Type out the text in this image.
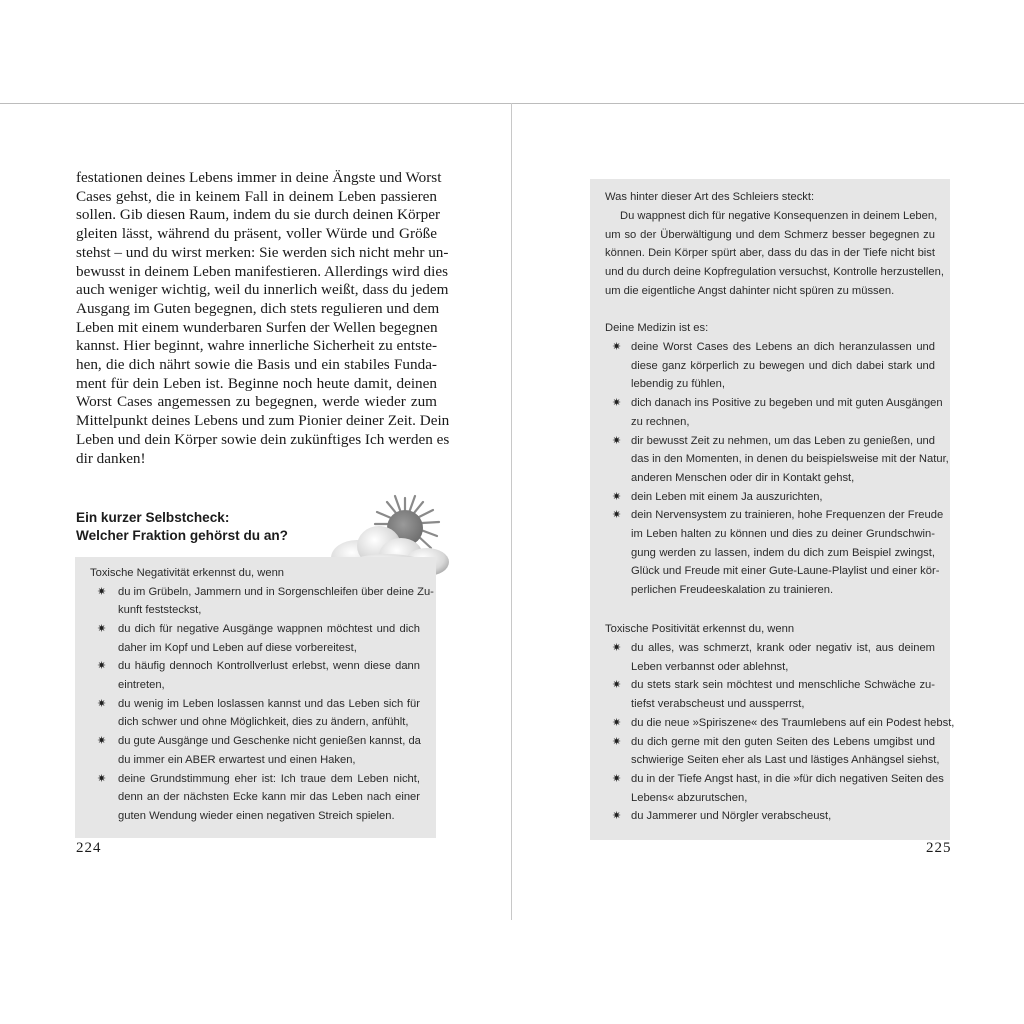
festationen deines Lebens immer in deine Ängste und Worst
Cases gehst, die in keinem Fall in deinem Leben passieren
sollen. Gib diesen Raum, indem du sie durch deinen Körper
gleiten lässt, während du präsent, voller Würde und Größe
stehst – und du wirst merken: Sie werden sich nicht mehr un-
bewusst in deinem Leben manifestieren. Allerdings wird dies
auch weniger wichtig, weil du innerlich weißt, dass du jedem
Ausgang im Guten begegnen, dich stets regulieren und dem
Leben mit einem wunderbaren Surfen der Wellen begegnen
kannst. Hier beginnt, wahre innerliche Sicherheit zu entste-
hen, die dich nährt sowie die Basis und ein stabiles Funda-
ment für dein Leben ist. Beginne noch heute damit, deinen
Worst Cases angemessen zu begegnen, werde wieder zum
Mittelpunkt deines Lebens und zum Pionier deiner Zeit. Dein
Leben und dein Körper sowie dein zukünftiges Ich werden es
dir danken!
Ein kurzer Selbstcheck:
Welcher Fraktion gehörst du an?
Toxische Negativität erkennst du, wenn
✷ du im Grübeln, Jammern und in Sorgenschleifen über deine Zu-
kunft feststeckst,
✷ du dich für negative Ausgänge wappnen möchtest und dich
daher im Kopf und Leben auf diese vorbereitest,
✷ du häufig dennoch Kontrollverlust erlebst, wenn diese dann
eintreten,
✷ du wenig im Leben loslassen kannst und das Leben sich für
dich schwer und ohne Möglichkeit, dies zu ändern, anfühlt,
✷ du gute Ausgänge und Geschenke nicht genießen kannst, da
du immer ein ABER erwartest und einen Haken,
✷ deine Grundstimmung eher ist: Ich traue dem Leben nicht,
denn an der nächsten Ecke kann mir das Leben nach einer
guten Wendung wieder einen negativen Streich spielen.
224
Was hinter dieser Art des Schleiers steckt:
Du wappnest dich für negative Konsequenzen in deinem Leben,
um so der Überwältigung und dem Schmerz besser begegnen zu
können. Dein Körper spürt aber, dass du das in der Tiefe nicht bist
und du durch deine Kopfregulation versuchst, Kontrolle herzustellen,
um die eigentliche Angst dahinter nicht spüren zu müssen.
Deine Medizin ist es:
✷ deine Worst Cases des Lebens an dich heranzulassen und
diese ganz körperlich zu bewegen und dich dabei stark und
lebendig zu fühlen,
✷ dich danach ins Positive zu begeben und mit guten Ausgängen
zu rechnen,
✷ dir bewusst Zeit zu nehmen, um das Leben zu genießen, und
das in den Momenten, in denen du beispielsweise mit der Natur,
anderen Menschen oder dir in Kontakt gehst,
✷ dein Leben mit einem Ja auszurichten,
✷ dein Nervensystem zu trainieren, hohe Frequenzen der Freude
im Leben halten zu können und dies zu deiner Grundschwin-
gung werden zu lassen, indem du dich zum Beispiel zwingst,
Glück und Freude mit einer Gute-Laune-Playlist und einer kör-
perlichen Freudeeskalation zu trainieren.
Toxische Positivität erkennst du, wenn
✷ du alles, was schmerzt, krank oder negativ ist, aus deinem
Leben verbannst oder ablehnst,
✷ du stets stark sein möchtest und menschliche Schwäche zu-
tiefst verabscheust und aussperrst,
✷ du die neue »Spiriszene« des Traumlebens auf ein Podest hebst,
✷ du dich gerne mit den guten Seiten des Lebens umgibst und
schwierige Seiten eher als Last und lästiges Anhängsel siehst,
✷ du in der Tiefe Angst hast, in die »für dich negativen Seiten des
Lebens« abzurutschen,
✷ du Jammerer und Nörgler verabscheust,
225
